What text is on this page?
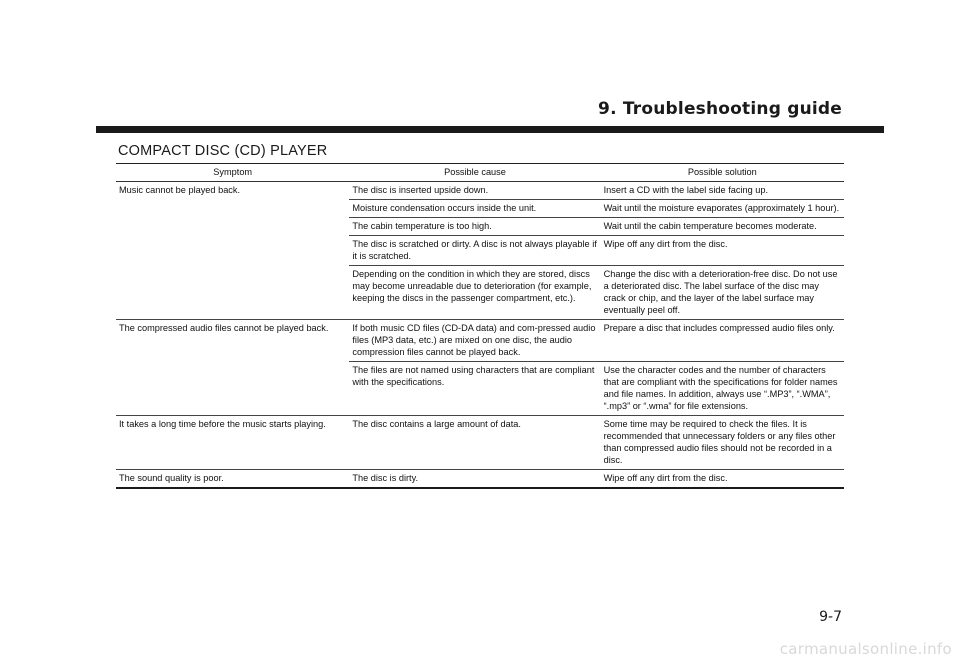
9. Troubleshooting guide
COMPACT DISC (CD) PLAYER
Symptom	Possible cause	Possible solution
Music cannot be played back.	The disc is inserted upside down.	Insert a CD with the label side facing up.
	Moisture condensation occurs inside the unit.	Wait until the moisture evaporates (approximately 1 hour).
	The cabin temperature is too high.	Wait until the cabin temperature becomes moderate.
	The disc is scratched or dirty. A disc is not always playable if it is scratched.	Wipe off any dirt from the disc.
	Depending on the condition in which they are stored, discs may become unreadable due to deterioration (for example, keeping the discs in the passenger compartment, etc.).	Change the disc with a deterioration-free disc. Do not use a deteriorated disc. The label surface of the disc may crack or chip, and the layer of the label surface may eventually peel off.
The compressed audio files cannot be played back.	If both music CD files (CD-DA data) and com-pressed audio files (MP3 data, etc.) are mixed on one disc, the audio compression files cannot be played back.	Prepare a disc that includes compressed audio files only.
	The files are not named using characters that are compliant with the specifications.	Use the character codes and the number of characters that are compliant with the specifications for folder names and file names. In addition, always use “.MP3”, “.WMA”, “.mp3” or “.wma” for file extensions.
It takes a long time before the music starts playing.	The disc contains a large amount of data.	Some time may be required to check the files. It is recommended that unnecessary folders or any files other than compressed audio files should not be recorded in a disc.
The sound quality is poor.	The disc is dirty.	Wipe off any dirt from the disc.
9-7
carmanualsonline.info
